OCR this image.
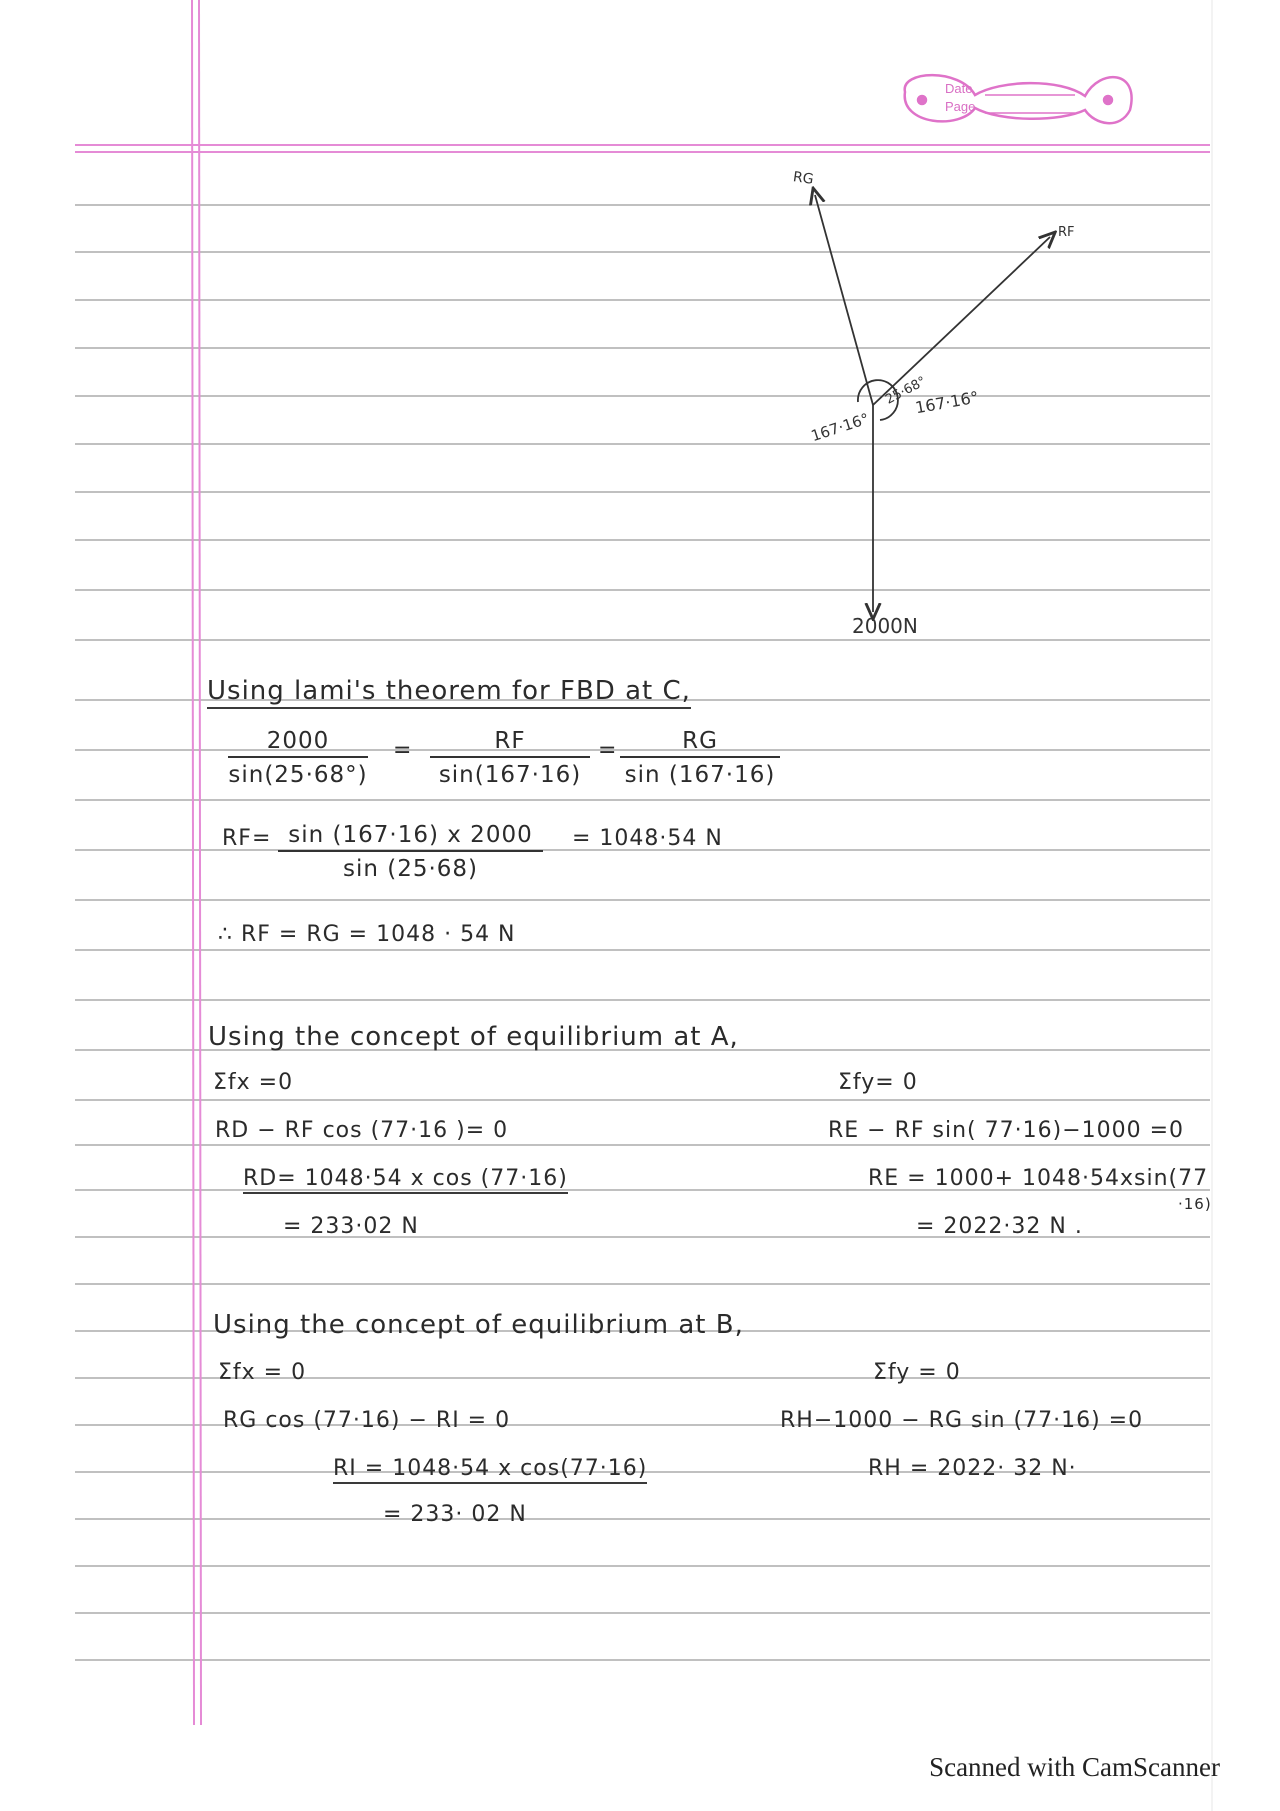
Date
Page
RG
RF
2000N
167·16°
25·68°
167·16°
Using lami's theorem for FBD at C,
$\frac{2000}{\sin(25\cdot 68^\circ)} = \frac{RF}{\sin(167\cdot 16)} = \frac{RG}{\sin (167\cdot 16)}$
$RF= \frac{\sin (167\cdot 16) x 2000}{\sin (25\cdot 68)} = 1048\cdot 54$ N
∴ RF = RG = 1048 · 54 N
Using the concept of equilibrium at A,
Σfx =0
RD − RF cos (77·16 )= 0
RD= 1048·54 x cos (77·16)
= 233·02 N
Σfy= 0
RE − RF sin( 77·16)−1000 =0
RE = 1000+ 1048·54xsin(77
·16)
= 2022·32 N .
Using the concept of equilibrium at B,
Σfx = 0
RG cos (77·16) − RI = 0
RI = 1048·54 x cos(77·16)
= 233· 02 N
Σfy = 0
RH−1000 − RG sin (77·16) =0
RH = 2022· 32 N·
Scanned with CamScanner
